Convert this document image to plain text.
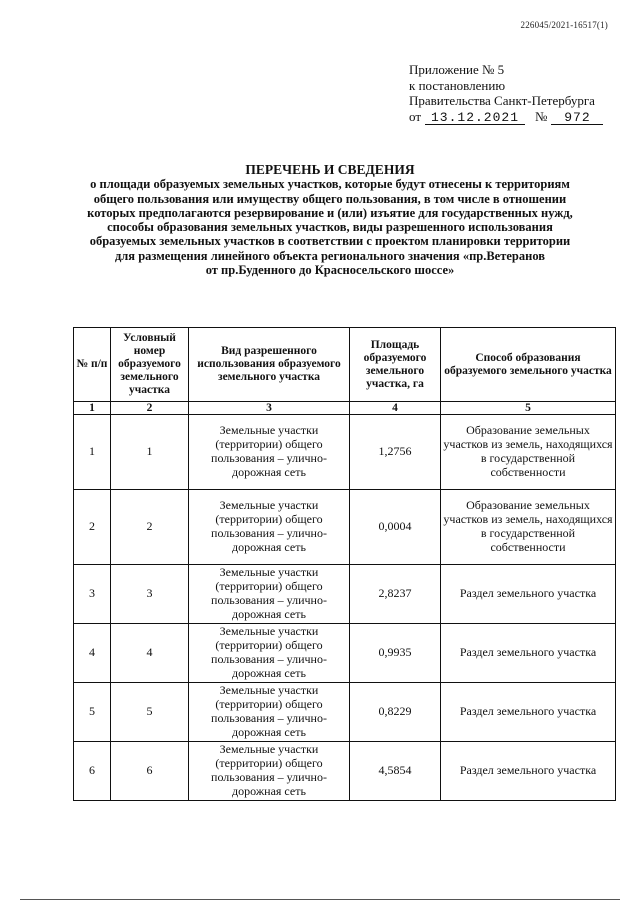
226045/2021-16517(1)
Приложение № 5
к постановлению
Правительства Санкт-Петербурга
от 13.12.2021	№	972
ПЕРЕЧЕНЬ И СВЕДЕНИЯ
о площади образуемых земельных участков, которые будут отнесены к территориям
общего пользования или имуществу общего пользования, в том числе в отношении
которых предполагаются резервирование и (или) изъятие для государственных нужд,
способы образования земельных участков, виды разрешенного использования
образуемых земельных участков в соответствии с проектом планировки территории
для размещения линейного объекта регионального значения «пр.Ветеранов
от пр.Буденного до Красносельского шоссе»
№ п/п	Условный номер образуемого земельного участка	Вид разрешенного использования образуемого земельного участка	Площадь образуемого земельного участка, га	Способ образования образуемого земельного участка
1	2	3	4	5
1	1	Земельные участки (территории) общего пользования – улично-дорожная сеть	1,2756	Образование земельных участков из земель, находящихся в государственной собственности
2	2	Земельные участки (территории) общего пользования – улично-дорожная сеть	0,0004	Образование земельных участков из земель, находящихся в государственной собственности
3	3	Земельные участки (территории) общего пользования – улично-дорожная сеть	2,8237	Раздел земельного участка
4	4	Земельные участки (территории) общего пользования – улично-дорожная сеть	0,9935	Раздел земельного участка
5	5	Земельные участки (территории) общего пользования – улично-дорожная сеть	0,8229	Раздел земельного участка
6	6	Земельные участки (территории) общего пользования – улично-дорожная сеть	4,5854	Раздел земельного участка
